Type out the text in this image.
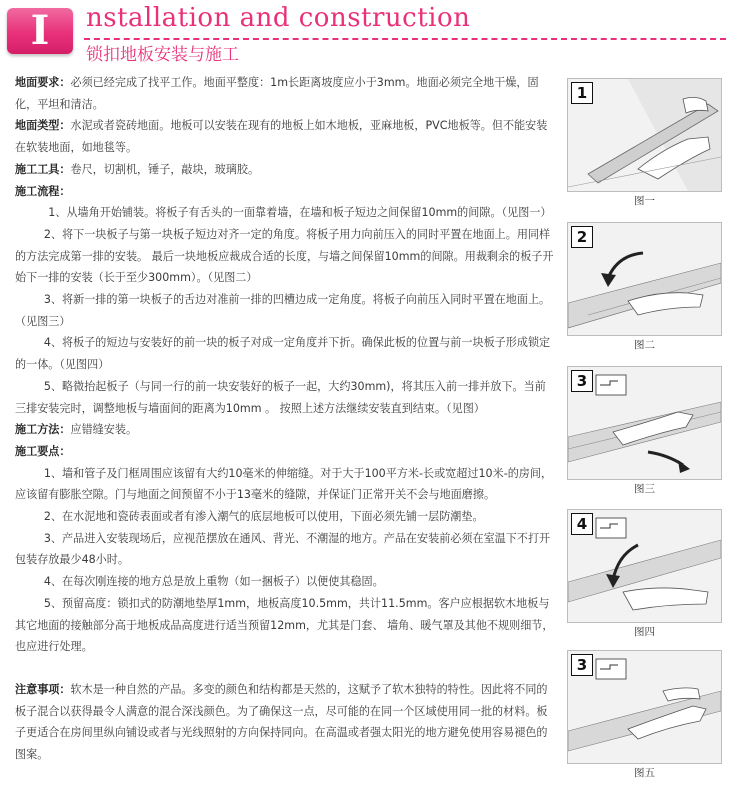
I	nstallation and construction
锁扣地板安装与施工

地面要求：必须已经完成了找平工作。地面平整度：1m长距离坡度应小于3mm。地面必须完全地干燥，固化，平坦和清洁。

地面类型：水泥或者瓷砖地面。地板可以安装在现有的地板上如木地板，亚麻地板，PVC地板等。但不能安装在软装地面，如地毯等。

施工工具：卷尺，切割机，锤子，敲块，玻璃胶。

施工流程：

1、从墙角开始铺装。将板子有舌头的一面靠着墙，在墙和板子短边之间保留10mm的间隙。（见图一）

2、将下一块板子与第一块板子短边对齐一定的角度。将板子用力向前压入的同时平置在地面上。用同样的方法完成第一排的安装。 最后一块地板应裁成合适的长度，与墙之间保留10mm的间隙。用裁剩余的板子开始下一排的安装（长于至少300mm）。（见图二）

3、将新一排的第一块板子的舌边对准前一排的凹槽边成一定角度。将板子向前压入同时平置在地面上。（见图三）

4、将板子的短边与安装好的前一块的板子对成一定角度并下折。确保此板的位置与前一块板子形成锁定的一体。（见图四）

5、略微抬起板子（与同一行的前一块安装好的板子一起，大约30mm)，将其压入前一排并放下。当前三排安装完时，调整地板与墙面间的距离为10mm 。 按照上述方法继续安装直到结束。（见图）

施工方法：应错缝安装。

施工要点：

1、墙和管子及门框周围应该留有大约10毫米的伸缩缝。对于大于100平方米-长或宽超过10米-的房间，应该留有膨胀空隙。门与地面之间预留不小于13毫米的缝隙，并保证门正常开关不会与地面磨擦。

2、在水泥地和瓷砖表面或者有渗入潮气的底层地板可以使用，下面必须先铺一层防潮垫。

3、产品进入安装现场后，应视范摆放在通风、背光、不潮湿的地方。产品在安装前必须在室温下不打开包装存放最少48小时。

4、在每次刚连接的地方总是放上重物（如一捆板子）以便使其稳固。

5、预留高度：锁扣式的防潮地垫厚1mm，地板高度10.5mm，共计11.5mm。客户应根据软木地板与其它地面的接触部分高于地板成品高度进行适当预留12mm，尤其是门套、 墙角、暖气罩及其他不规则细节，也应进行处理。

注意事项：软木是一种自然的产品。多变的颜色和结构都是天然的，这赋予了软木独特的特性。因此将不同的板子混合以获得最令人满意的混合深浅颜色。为了确保这一点，尽可能的在同一个区域使用同一批的材料。板子更适合在房间里纵向铺设或者与光线照射的方向保持同向。在高温或者强太阳光的地方避免使用容易褪色的图案。

1
图一
2
图二
3
图三
4
图四
3
图五
